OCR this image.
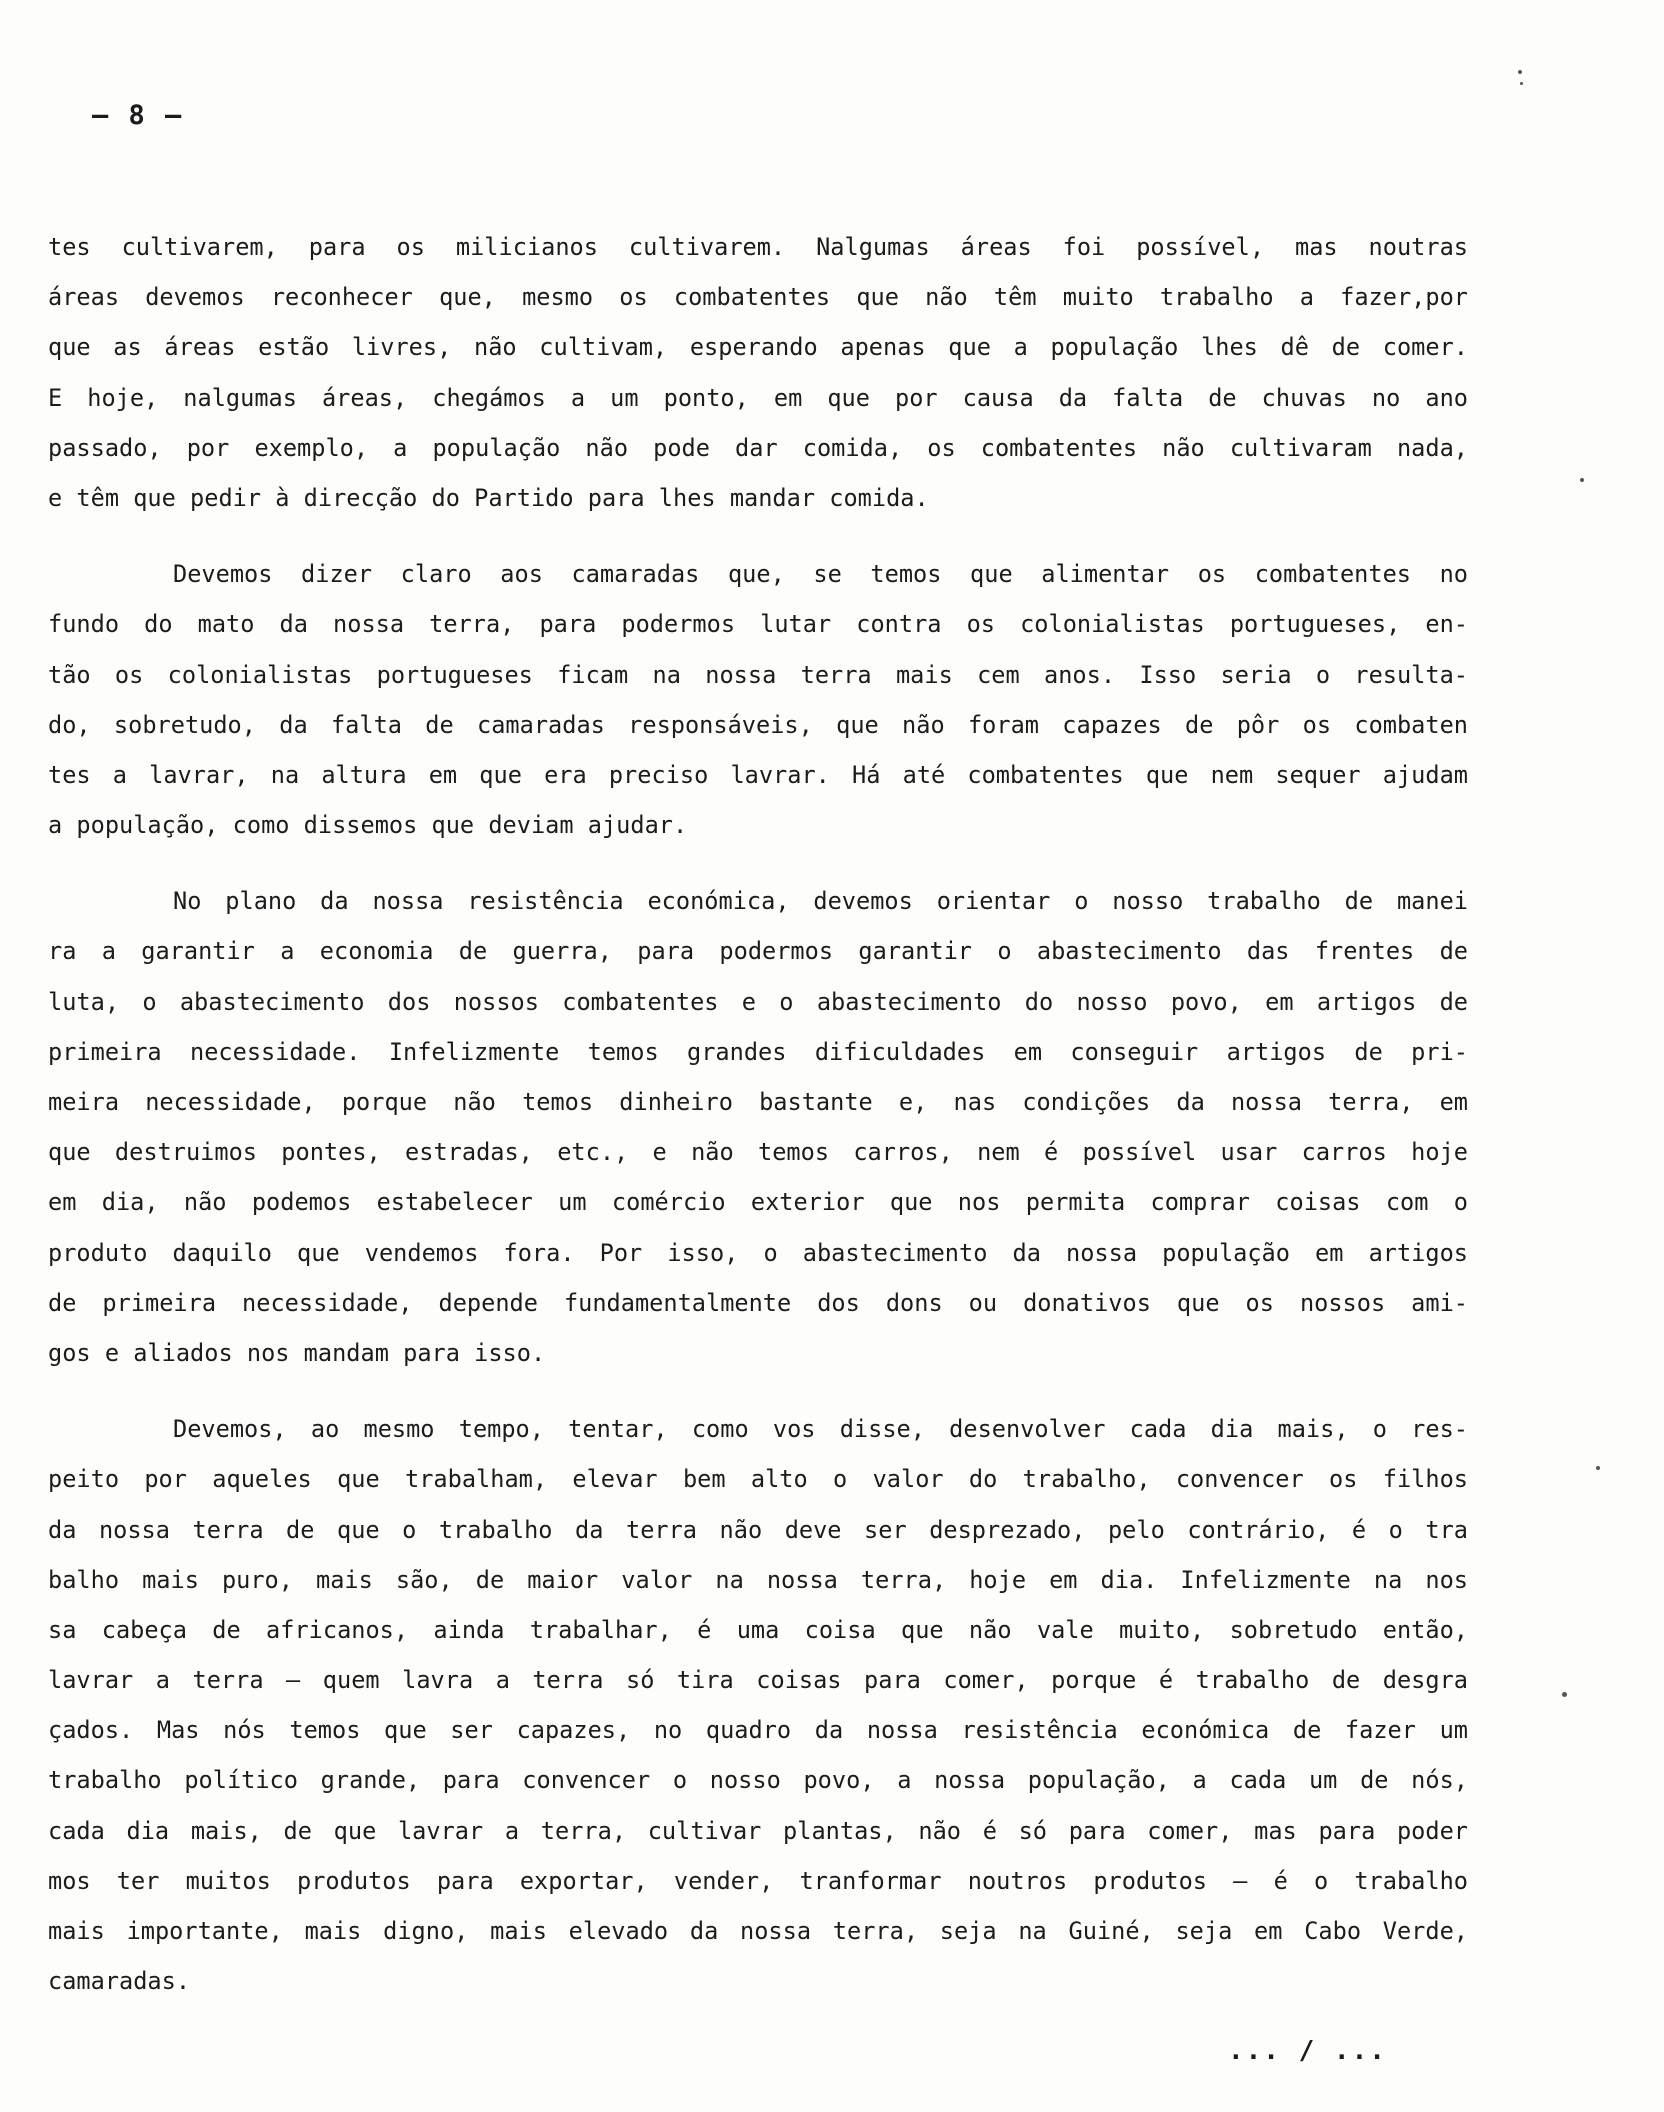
– 8 –
tes cultivarem, para os milicianos cultivarem. Nalgumas áreas foi possível, mas noutras
áreas devemos reconhecer que, mesmo os combatentes que não têm muito trabalho a fazer,por
que as áreas estão livres, não cultivam, esperando apenas que a população lhes dê de comer.
E hoje, nalgumas áreas, chegámos a um ponto, em que por causa da falta de chuvas no ano
passado, por exemplo, a população não pode dar comida, os combatentes não cultivaram nada,
e têm que pedir à direcção do Partido para lhes mandar comida.
Devemos dizer claro aos camaradas que, se temos que alimentar os combatentes no
fundo do mato da nossa terra, para podermos lutar contra os colonialistas portugueses, en-
tão os colonialistas portugueses ficam na nossa terra mais cem anos. Isso seria o resulta-
do, sobretudo, da falta de camaradas responsáveis, que não foram capazes de pôr os combaten
tes a lavrar, na altura em que era preciso lavrar. Há até combatentes que nem sequer ajudam
a população, como dissemos que deviam ajudar.
No plano da nossa resistência económica, devemos orientar o nosso trabalho de manei
ra a garantir a economia de guerra, para podermos garantir o abastecimento das frentes de
luta, o abastecimento dos nossos combatentes e o abastecimento do nosso povo, em artigos de
primeira necessidade. Infelizmente temos grandes dificuldades em conseguir artigos de pri-
meira necessidade, porque não temos dinheiro bastante e, nas condições da nossa terra, em
que destruimos pontes, estradas, etc., e não temos carros, nem é possível usar carros hoje
em dia, não podemos estabelecer um comércio exterior que nos permita comprar coisas com o
produto daquilo que vendemos fora. Por isso, o abastecimento da nossa população em artigos
de primeira necessidade, depende fundamentalmente dos dons ou donativos que os nossos ami-
gos e aliados nos mandam para isso.
Devemos, ao mesmo tempo, tentar, como vos disse, desenvolver cada dia mais, o res-
peito por aqueles que trabalham, elevar bem alto o valor do trabalho, convencer os filhos
da nossa terra de que o trabalho da terra não deve ser desprezado, pelo contrário, é o tra
balho mais puro, mais são, de maior valor na nossa terra, hoje em dia. Infelizmente na nos
sa cabeça de africanos, ainda trabalhar, é uma coisa que não vale muito, sobretudo então,
lavrar a terra – quem lavra a terra só tira coisas para comer, porque é trabalho de desgra
çados. Mas nós temos que ser capazes, no quadro da nossa resistência económica de fazer um
trabalho político grande, para convencer o nosso povo, a nossa população, a cada um de nós,
cada dia mais, de que lavrar a terra, cultivar plantas, não é só para comer, mas para poder
mos ter muitos produtos para exportar, vender, tranformar noutros produtos – é o trabalho
mais importante, mais digno, mais elevado da nossa terra, seja na Guiné, seja em Cabo Verde,
camaradas.
... / ...
